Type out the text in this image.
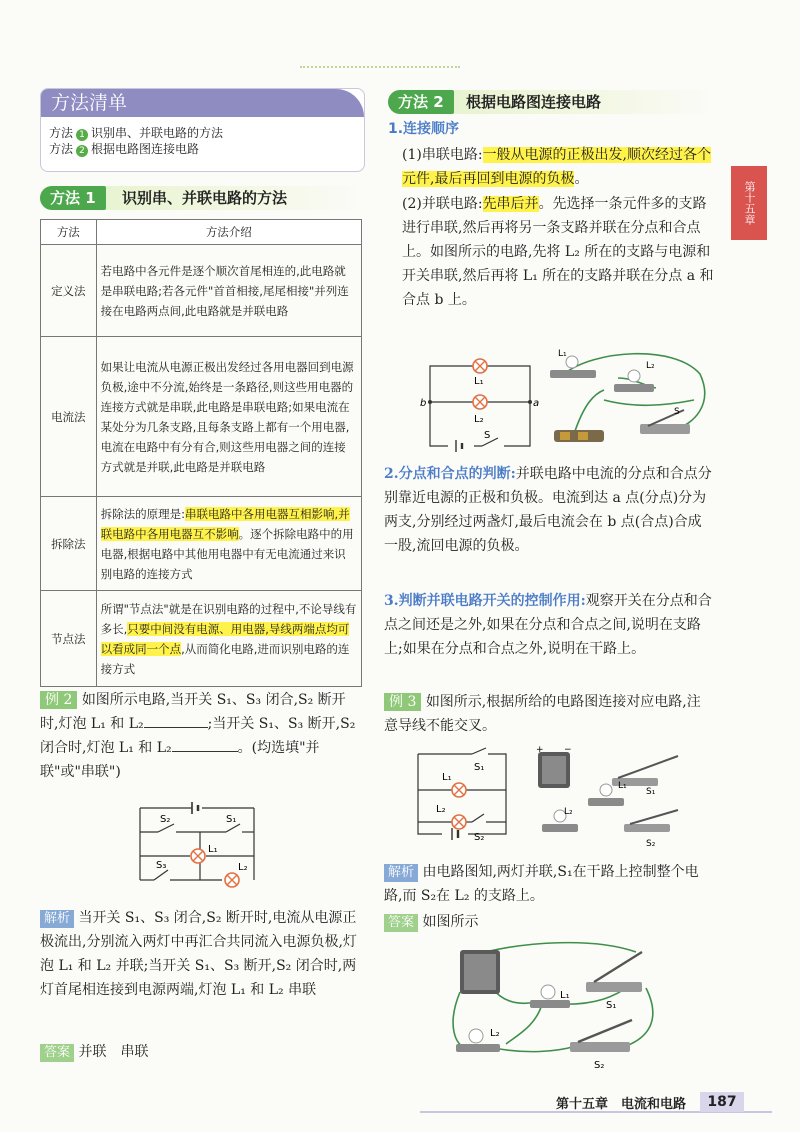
方法清单
方法 1 识别串、并联电路的方法
方法 2 根据电路图连接电路
方法 1	识别串、并联电路的方法
方法	方法介绍
定义法	若电路中各元件是逐个顺次首尾相连的,此电路就是串联电路;若各元件"首首相接,尾尾相接"并列连接在电路两点间,此电路就是并联电路
电流法	如果让电流从电源正极出发经过各用电器回到电源负极,途中不分流,始终是一条路径,则这些用电器的连接方式就是串联,此电路是串联电路;如果电流在某处分为几条支路,且每条支路上都有一个用电器,电流在电路中有分有合,则这些用电器之间的连接方式就是并联,此电路是并联电路
拆除法	拆除法的原理是:串联电路中各用电器互相影响,并联电路中各用电器互不影响。逐个拆除电路中的用电器,根据电路中其他用电器中有无电流通过来识别电路的连接方式
节点法	所谓"节点法"就是在识别电路的过程中,不论导线有多长,只要中间没有电源、用电器,导线两端点均可以看成同一个点,从而简化电路,进而识别电路的连接方式
例 2 如图所示电路,当开关 S₁、S₃ 闭合,S₂ 断开时,灯泡 L₁ 和 L₂	;当开关 S₁、S₃ 断开,S₂ 闭合时,灯泡 L₁ 和 L₂	。(均选填"并联"或"串联")
S₂	S₁
S₃
L₁
L₂
解析 当开关 S₁、S₃ 闭合,S₂ 断开时,电流从电源正极流出,分别流入两灯中再汇合共同流入电源负极,灯泡 L₁ 和 L₂ 并联;当开关 S₁、S₃ 断开,S₂ 闭合时,两灯首尾相连接到电源两端,灯泡 L₁ 和 L₂ 串联
答案 并联　串联
方法 2	根据电路图连接电路
1.连接顺序
(1)串联电路:一般从电源的正极出发,顺次经过各个元件,最后再回到电源的负极。
(2)并联电路:先串后并。先选择一条元件多的支路进行串联,然后再将另一条支路并联在分点和合点上。如图所示的电路,先将 L₂ 所在的支路与电源和开关串联,然后再将 L₁ 所在的支路并联在分点 a 和合点 b 上。
L₁
L₂
b	a
S
L₁
L₂
S
2.分点和合点的判断:并联电路中电流的分点和合点分别靠近电源的正极和负极。电流到达 a 点(分点)分为两支,分别经过两盏灯,最后电流会在 b 点(合点)合成一股,流回电源的负极。
3.判断并联电路开关的控制作用:观察开关在分点和合点之间还是之外,如果在分点和合点之间,说明在支路上;如果在分点和合点之外,说明在干路上。
例 3 如图所示,根据所给的电路图连接对应电路,注意导线不能交叉。
S₁
L₁
L₂
S₂
+ −
S₁
L₁
L₂
S₂
解析 由电路图知,两灯并联,S₁在干路上控制整个电路,而 S₂在 L₂ 的支路上。
答案 如图所示
S₁
L₁
L₂
S₂
第十五章
第十五章　电流和电路	187
